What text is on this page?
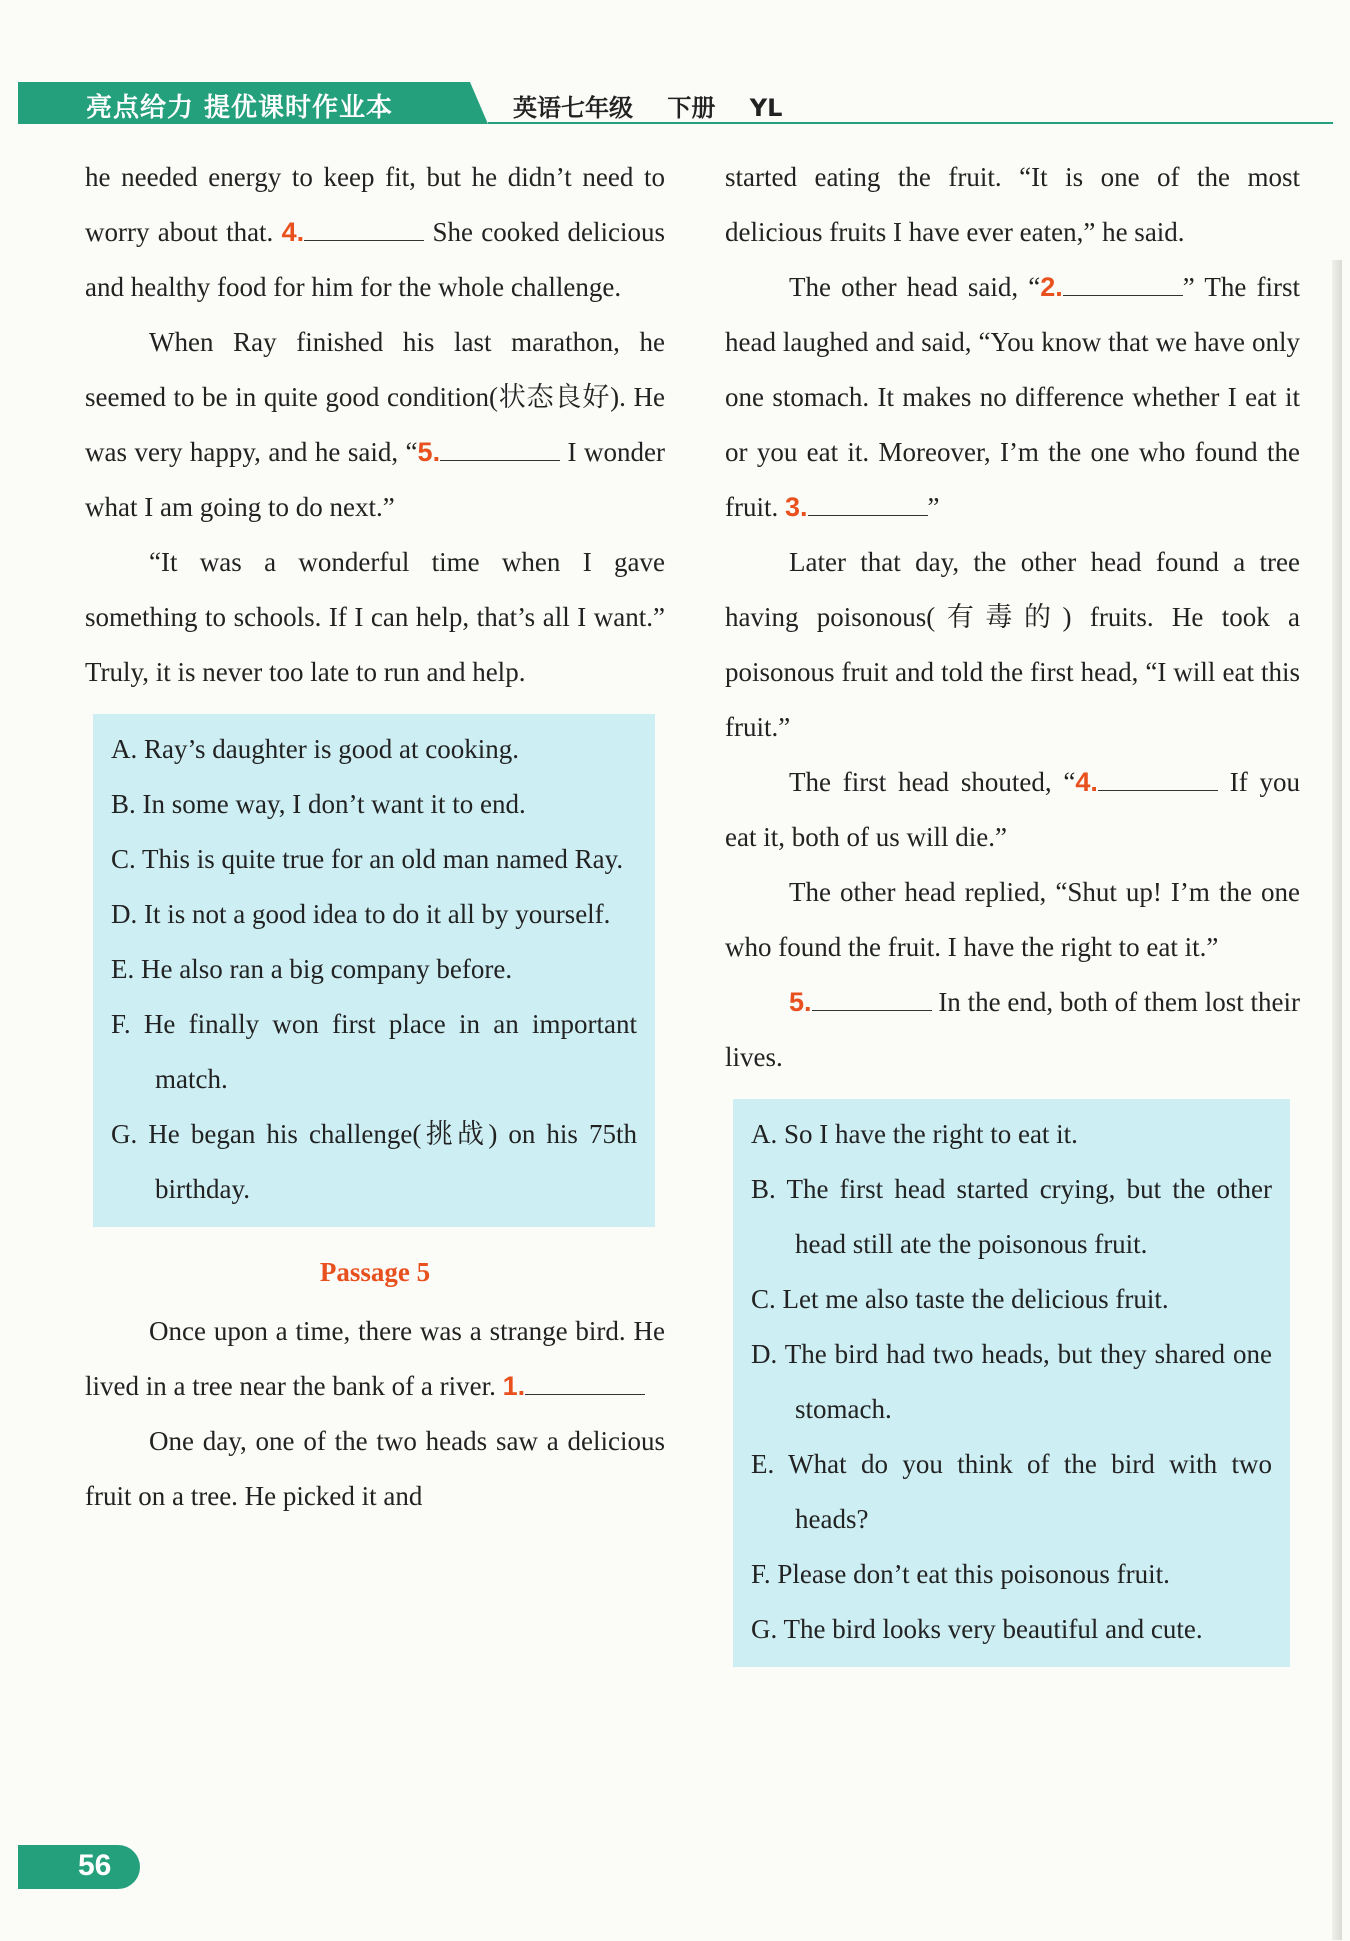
亮点给力 提优课时作业本	英语七年级 下册 YL

he needed energy to keep fit, but he didn’t need to worry about that. 4.	She cooked delicious and healthy food for him for the whole challenge.

When Ray finished his last marathon, he seemed to be in quite good condition(状态良好). He was very happy, and he said, “5.	I wonder what I am going to do next.”

“It was a wonderful time when I gave something to schools. If I can help, that’s all I want.” Truly, it is never too late to run and help.

A. Ray’s daughter is good at cooking.
B. In some way, I don’t want it to end.
C. This is quite true for an old man named Ray.
D. It is not a good idea to do it all by yourself.
E. He also ran a big company before.
F. He finally won first place in an important match.
G. He began his challenge(挑战) on his 75th birthday.
Passage 5

Once upon a time, there was a strange bird. He lived in a tree near the bank of a river. 1.

One day, one of the two heads saw a delicious fruit on a tree. He picked it and

started eating the fruit. “It is one of the most delicious fruits I have ever eaten,” he said.

The other head said, “2.	” The first head laughed and said, “You know that we have only one stomach. It makes no difference whether I eat it or you eat it. Moreover, I’m the one who found the fruit. 3.	”

Later that day, the other head found a tree having poisonous(有毒的) fruits. He took a poisonous fruit and told the first head, “I will eat this fruit.”

The first head shouted, “4.	If you eat it, both of us will die.”

The other head replied, “Shut up! I’m the one who found the fruit. I have the right to eat it.”

5.	In the end, both of them lost their lives.

A. So I have the right to eat it.
B. The first head started crying, but the other head still ate the poisonous fruit.
C. Let me also taste the delicious fruit.
D. The bird had two heads, but they shared one stomach.
E. What do you think of the bird with two heads?
F. Please don’t eat this poisonous fruit.
G. The bird looks very beautiful and cute.
56
